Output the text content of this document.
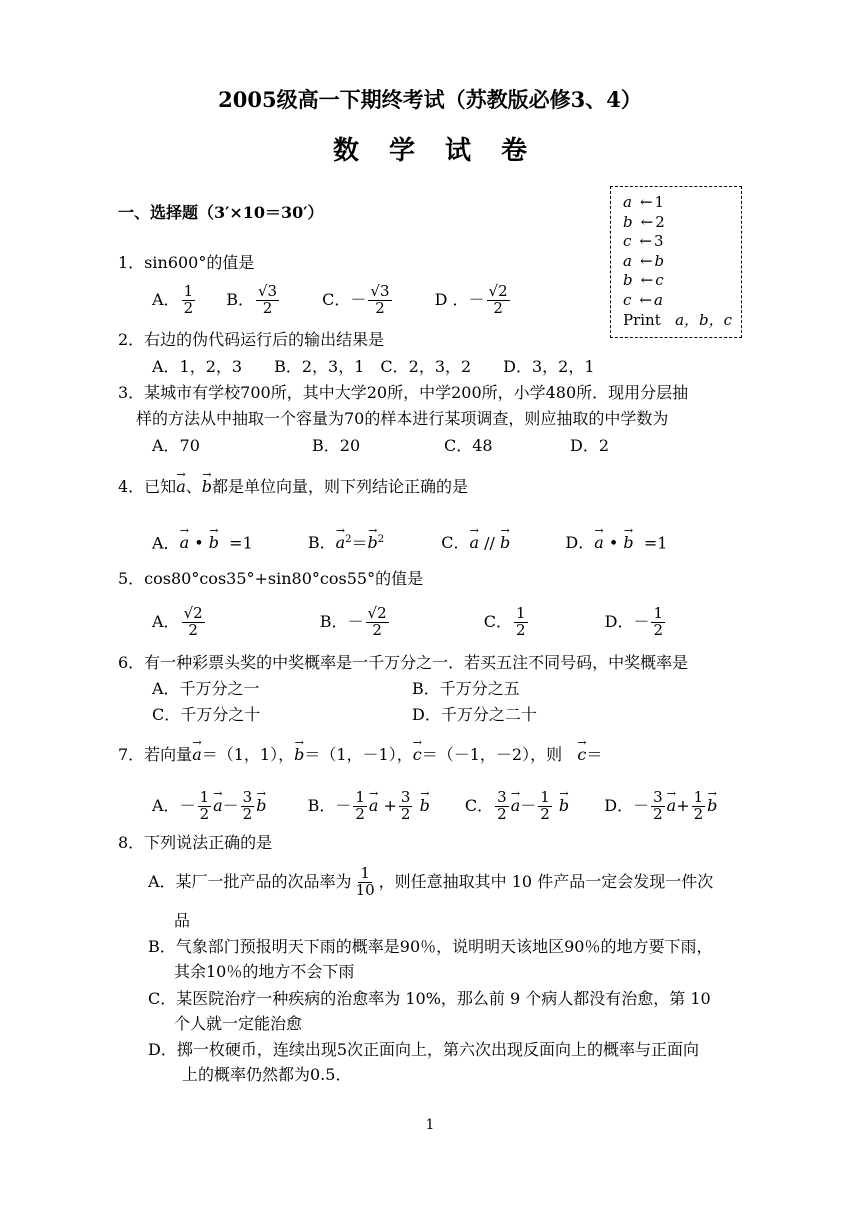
2005级高一下期终考试（苏教版必修3、4）
数学试卷
a ← 1
b ← 2
c ← 3
a ← b
b ← c
c ← a
Print a，b，c
一、选择题（3′×10＝30′）
1．sin600°的值是
A． $\frac{1}{2}$ B． $\frac{√3}{2}$	C．－ $\frac{√3}{2}$	D ．－ $\frac{√2}{2}$
2．右边的伪代码运行后的输出结果是
A．1，2，3　　B．2，3，1　C．2，3，2　　D．3，2，1
3．某城市有学校700所，其中大学20所，中学200所，小学480所．现用分层抽
样的方法从中抽取一个容量为70的样本进行某项调查，则应抽取的中学数为
A．70	B．20	C．48	D．2
4．已知→ a、→ b都是单位向量，则下列结论正确的是
A．→ a • → b =1	B．→ $a^2=\to b^2$	C．→ a // → b	D．→ a • → b =1
5．cos80°cos35°+sin80°cos55°的值是
A． $\frac{√2}{2}$	B．－ $\frac{√2}{2}$	C． $\frac{1}{2}$	D．－ $\frac{1}{2}$
6．有一种彩票头奖的中奖概率是一千万分之一．若买五注不同号码，中奖概率是
A．千万分之一	B．千万分之五
C．千万分之十	D．千万分之二十
7．若向量→ a＝（1，1），→ b＝（1，－1），→ c＝（－1，－2），则   → c＝
A．－ $\frac{1}{2}$
→ $a- \frac{3}{2}$
→ b	B．－ $\frac{1}{2}$
→ $a + \frac{3}{2}$
→ b C． $\frac{3}{2}$
→ $a- \frac{1}{2}$
→ b D．－ $\frac{3}{2}$
→ $a+ \frac{1}{2}$
→ b
8．下列说法正确的是
A．某厂一批产品的次品率为 $\frac{1}{10}$ ，则任意抽取其中 10 件产品一定会发现一件次
品
B．气象部门预报明天下雨的概率是90％，说明明天该地区90％的地方要下雨，
其余10％的地方不会下雨
C．某医院治疗一种疾病的治愈率为 10%，那么前 9 个病人都没有治愈，第 10
个人就一定能治愈
D．掷一枚硬币，连续出现5次正面向上，第六次出现反面向上的概率与正面向
上的概率仍然都为0.5．
1
